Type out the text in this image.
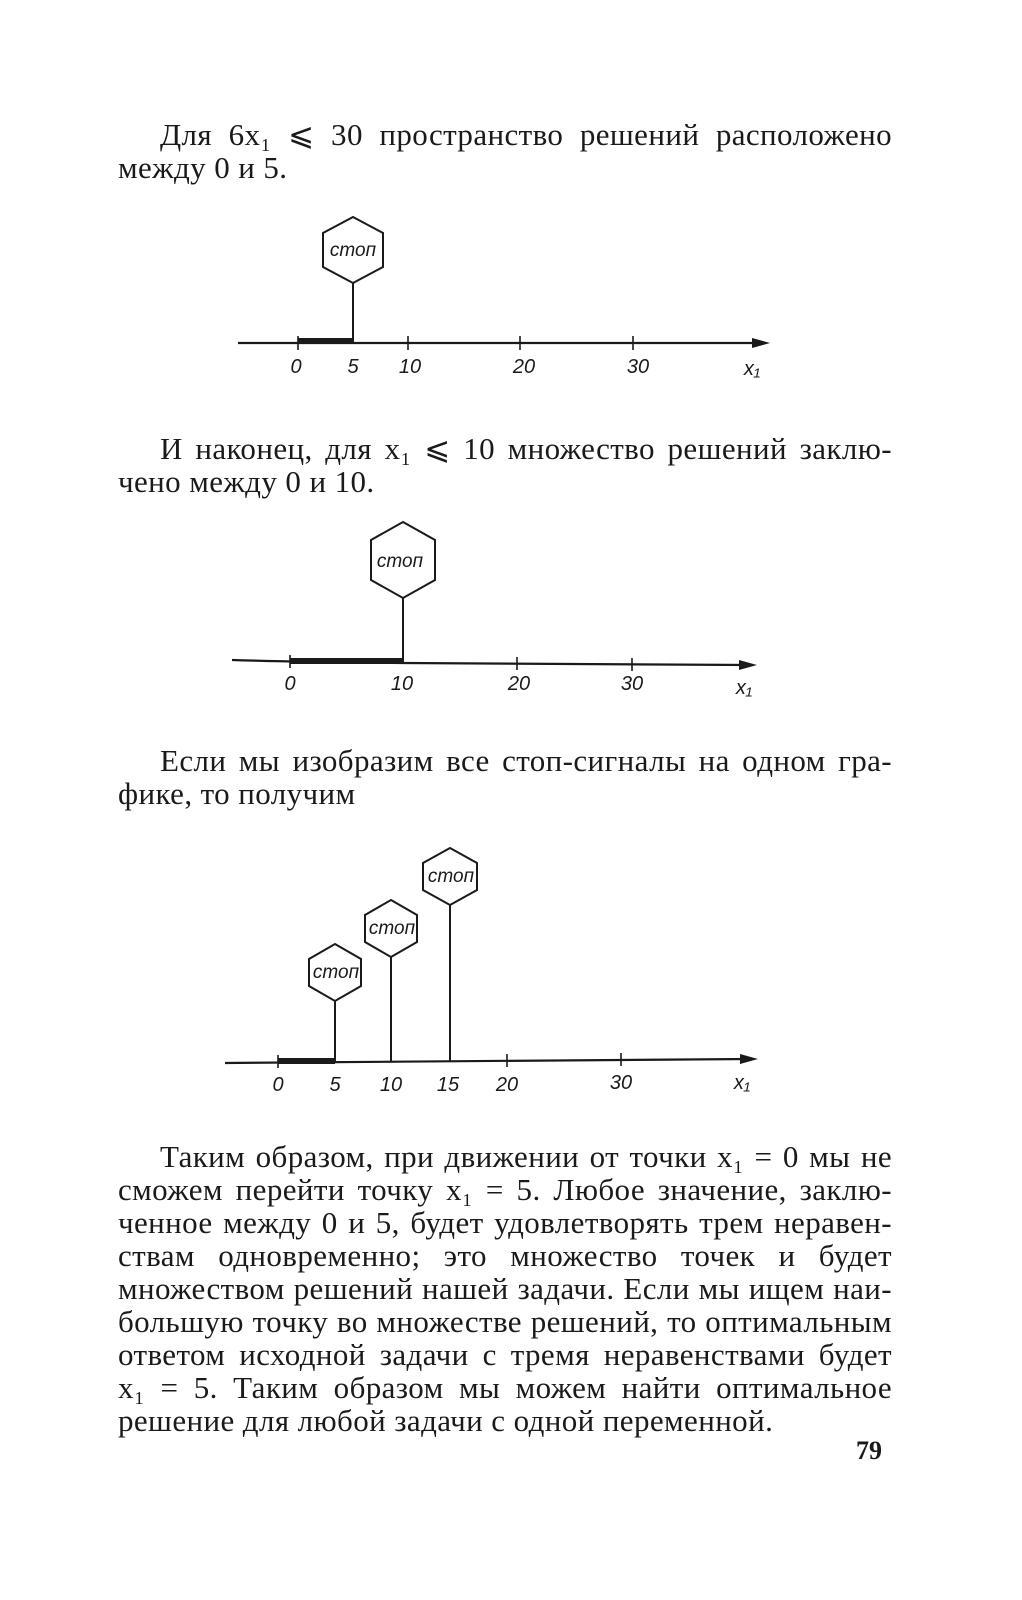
Для 6x₁ ⩽ 30 пространство решений расположено
между 0 и 5.
стоп
0 5 10	20	30	x₁
И наконец, для x₁ ⩽ 10 множество решений заклю-
чено между 0 и 10.
стоп
0	10	20	30	x₁
Если мы изобразим все стоп-сигналы на одном гра-
фике, то получим
стоп
стоп
стоп
0 5 10 15 20	30	x₁
Таким образом, при движении от точки x₁ = 0 мы не
сможем перейти точку x₁ = 5. Любое значение, заклю-
ченное между 0 и 5, будет удовлетворять трем нерaвен-
ствам одновременно; это множество точек и будет
множеством решений нашей задачи. Если мы ищем наи-
большую точку во множестве решений, то оптимальным
ответом исходной задачи с тремя неравенствами будет
x₁ = 5. Таким образом мы можем найти оптимальное
решение для любой задачи с одной переменной.
79
